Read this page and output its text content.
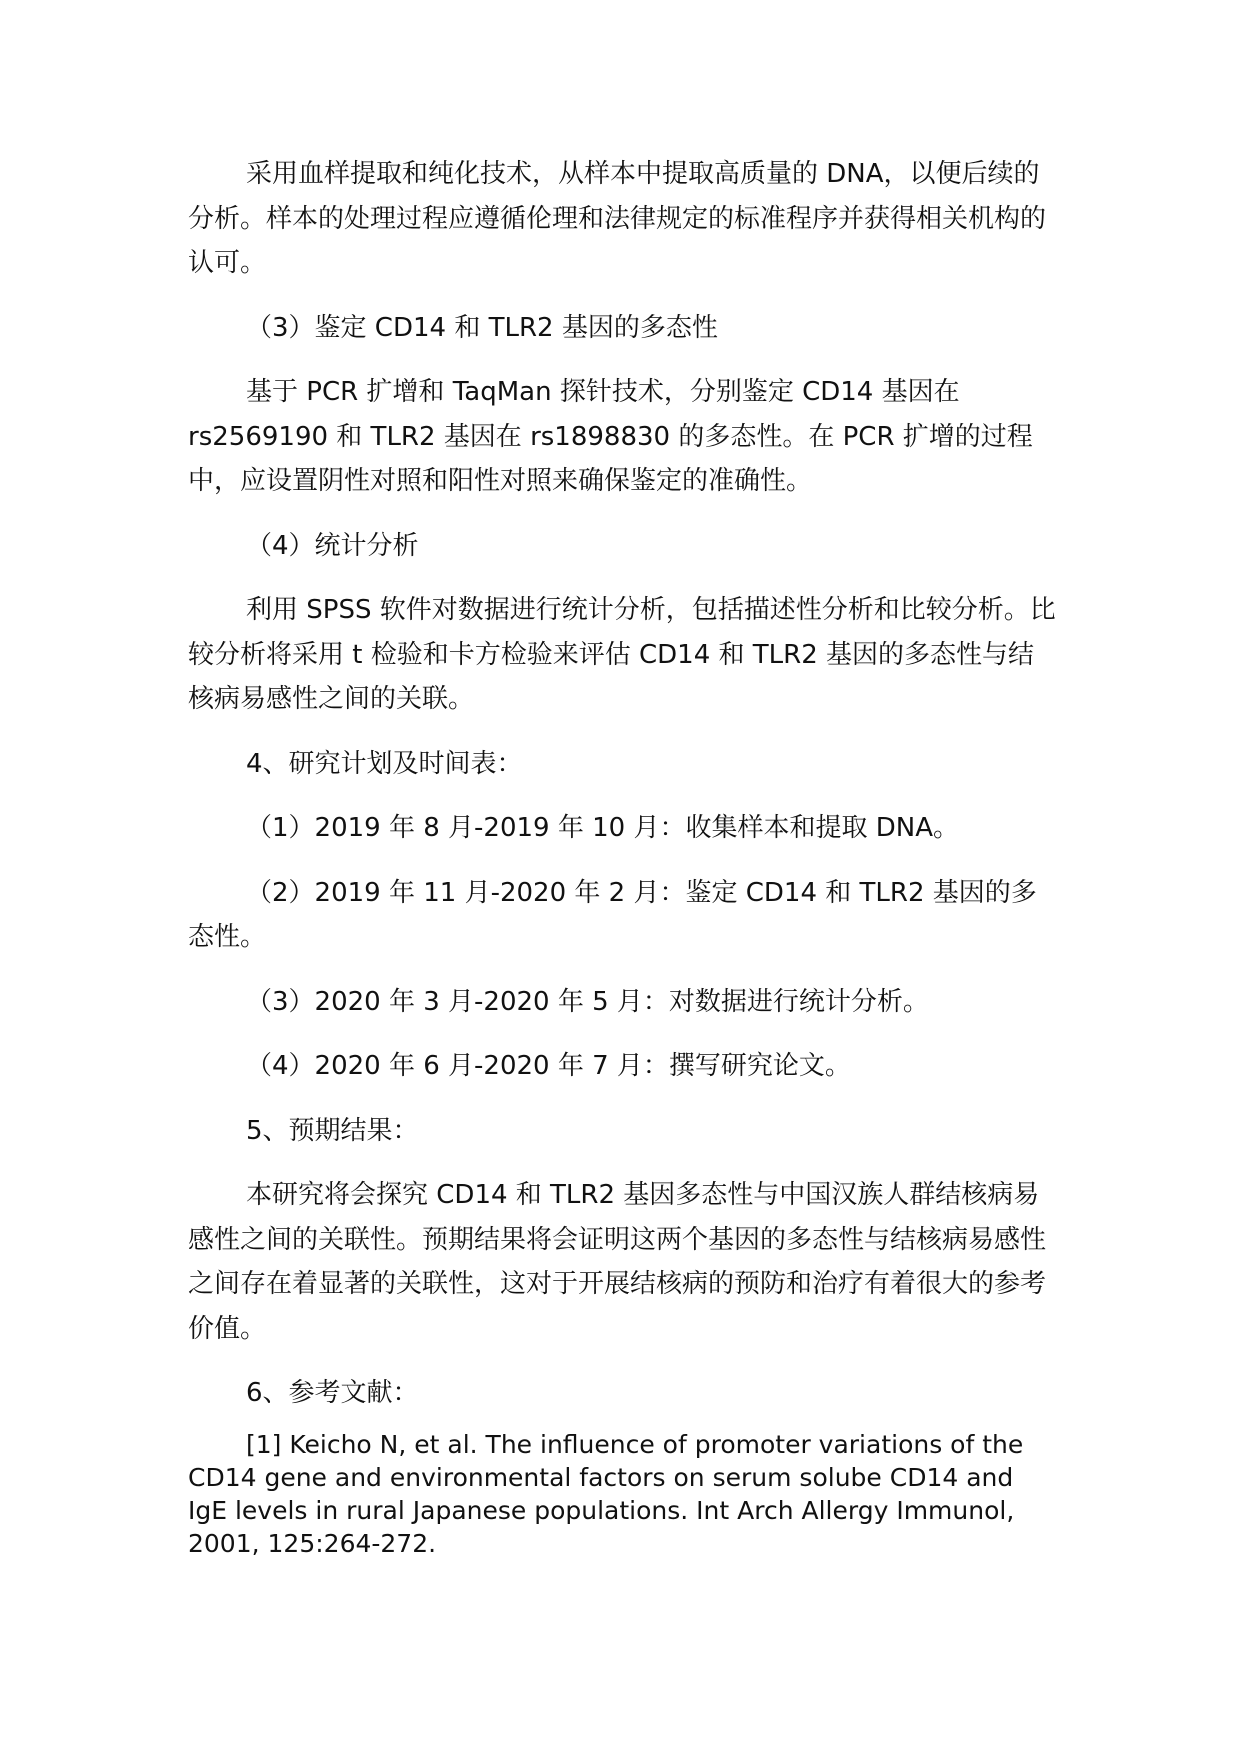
采用血样提取和纯化技术，从样本中提取高质量的 DNA，以便后续的分析。样本的处理过程应遵循伦理和法律规定的标准程序并获得相关机构的认可。

（3）鉴定 CD14 和 TLR2 基因的多态性

基于 PCR 扩增和 TaqMan 探针技术，分别鉴定 CD14 基因在 rs2569190 和 TLR2 基因在 rs1898830 的多态性。在 PCR 扩增的过程中，应设置阴性对照和阳性对照来确保鉴定的准确性。

（4）统计分析

利用 SPSS 软件对数据进行统计分析，包括描述性分析和比较分析。比较分析将采用 t 检验和卡方检验来评估 CD14 和 TLR2 基因的多态性与结核病易感性之间的关联。

4、研究计划及时间表：

（1）2019 年 8 月-2019 年 10 月：收集样本和提取 DNA。

（2）2019 年 11 月-2020 年 2 月：鉴定 CD14 和 TLR2 基因的多态性。

（3）2020 年 3 月-2020 年 5 月：对数据进行统计分析。

（4）2020 年 6 月-2020 年 7 月：撰写研究论文。

5、预期结果：

本研究将会探究 CD14 和 TLR2 基因多态性与中国汉族人群结核病易感性之间的关联性。预期结果将会证明这两个基因的多态性与结核病易感性之间存在着显著的关联性，这对于开展结核病的预防和治疗有着很大的参考价值。

6、参考文献：

[1] Keicho N, et al. The influence of promoter variations of the CD14 gene and environmental factors on serum solube CD14 and IgE levels in rural Japanese populations. Int Arch Allergy Immunol, 2001, 125:264-272.
